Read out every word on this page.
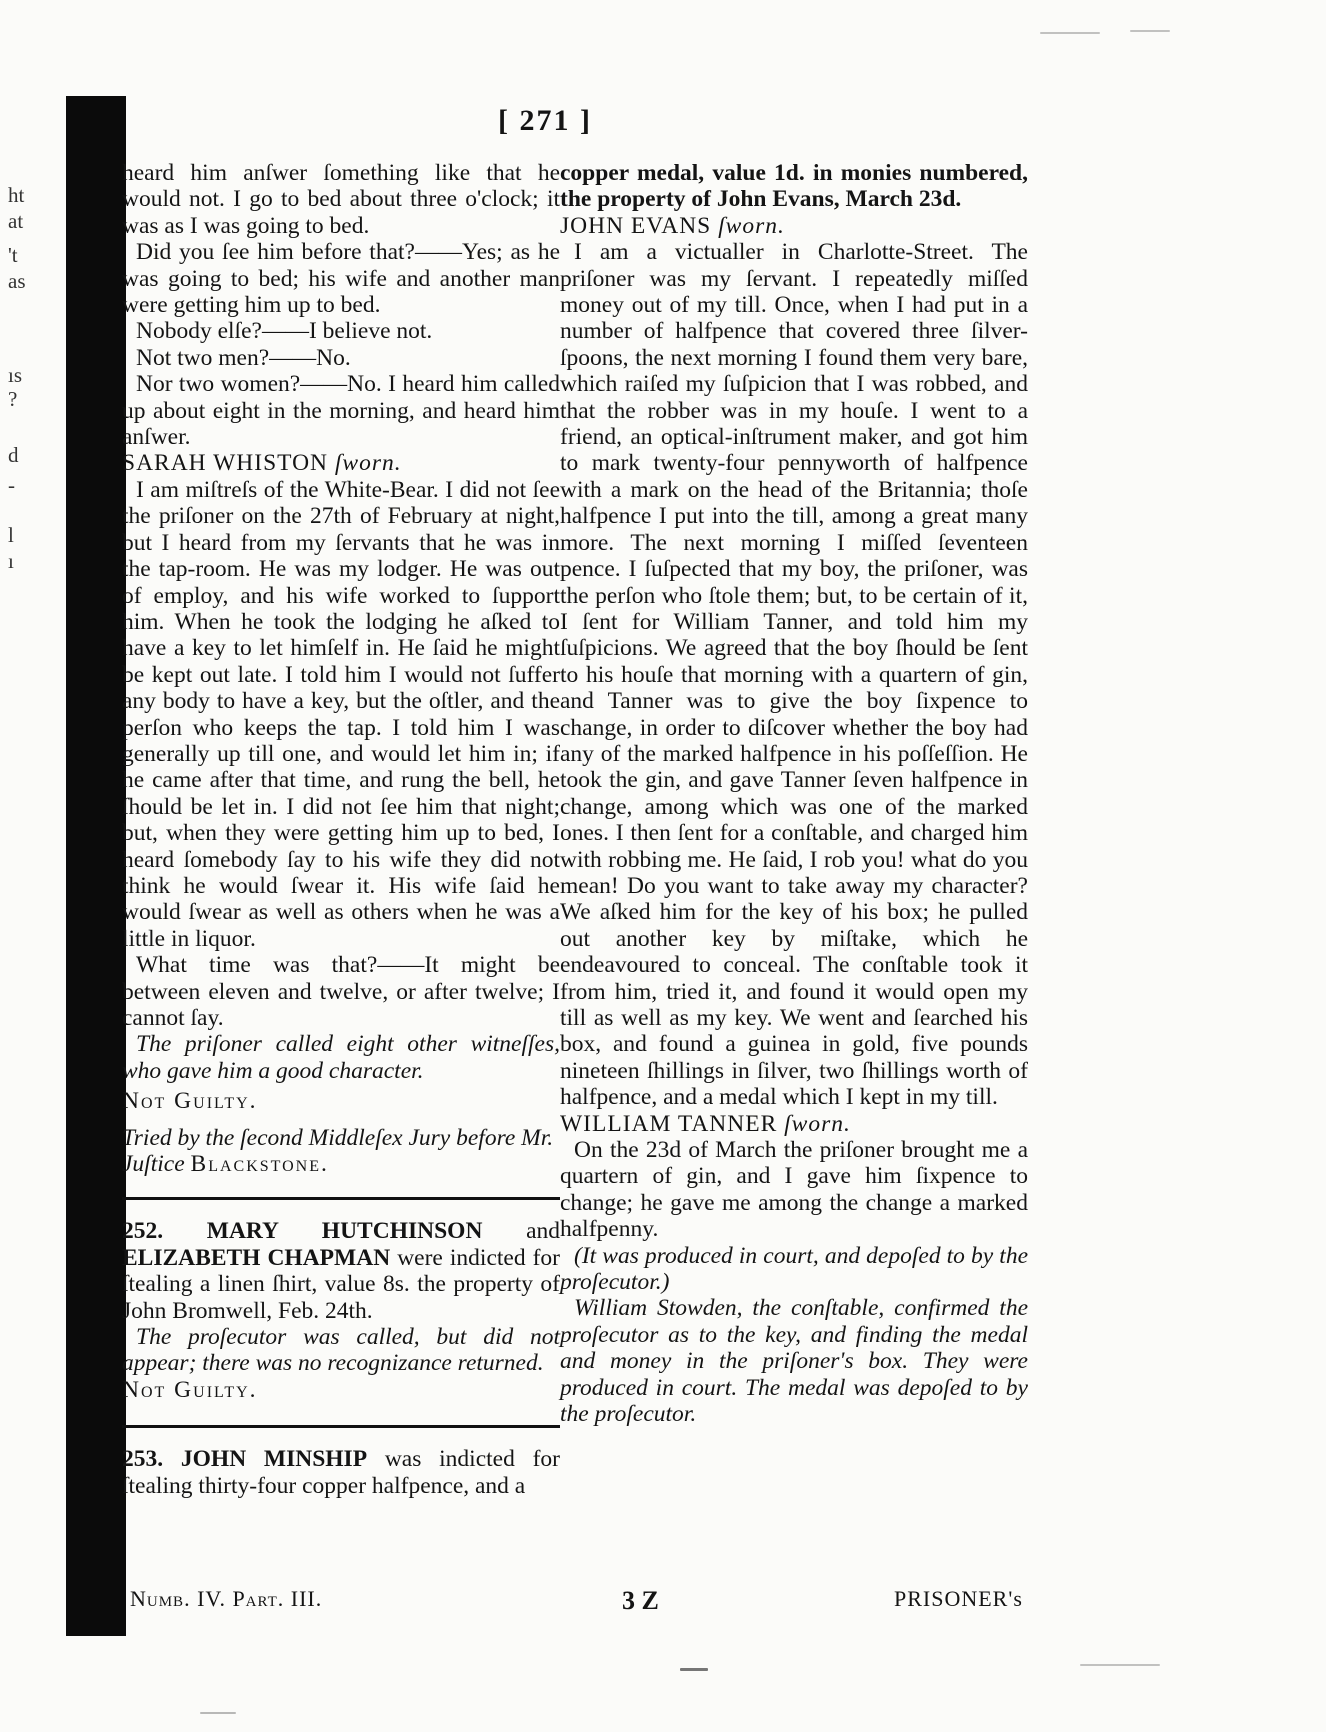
ht
at
't
as
ıs
?
d
-
l
ı
[ 271 ]

heard him anſwer ſomething like that he would not. I go to bed about three o'clock; it was as I was going to bed.

Did you ſee him before that?——Yes; as he was going to bed; his wife and another man were getting him up to bed.

Nobody elſe?——I believe not.

Not two men?——No.

Nor two women?——No. I heard him called up about eight in the morning, and heard him anſwer.

SARAH WHISTON ſworn.

I am miſtreſs of the White-Bear. I did not ſee the priſoner on the 27th of February at night, but I heard from my ſervants that he was in the tap-room. He was my lodger. He was out of employ, and his wife worked to ſupport him. When he took the lodging he aſked to have a key to let himſelf in. He ſaid he might be kept out late. I told him I would not ſuffer any body to have a key, but the oſtler, and the perſon who keeps the tap. I told him I was generally up till one, and would let him in; if he came after that time, and rung the bell, he ſhould be let in. I did not ſee him that night; but, when they were getting him up to bed, I heard ſomebody ſay to his wife they did not think he would ſwear it. His wife ſaid he would ſwear as well as others when he was a little in liquor.

What time was that?——It might be between eleven and twelve, or after twelve; I cannot ſay.

The priſoner called eight other witneſſes, who gave him a good character.

Not Guilty.

Tried by the ſecond Middleſex Jury before Mr.

Juſtice Blackstone.

252. MARY HUTCHINSON and ELIZABETH CHAPMAN were indicted for ſtealing a linen ſhirt, value 8s. the property of John Bromwell, Feb. 24th.

The proſecutor was called, but did not appear; there was no recognizance returned.

Not Guilty.

253. JOHN MINSHIP was indicted for ſtealing thirty-four copper halfpence, and a

copper medal, value 1d. in monies numbered, the property of John Evans, March 23d.

JOHN EVANS ſworn.

I am a victualler in Charlotte-Street. The priſoner was my ſervant. I repeatedly miſſed money out of my till. Once, when I had put in a number of halfpence that covered three ſilver-ſpoons, the next morning I found them very bare, which raiſed my ſuſpicion that I was robbed, and that the robber was in my houſe. I went to a friend, an optical-inſtrument maker, and got him to mark twenty-four pennyworth of halfpence with a mark on the head of the Britannia; thoſe halfpence I put into the till, among a great many more. The next morning I miſſed ſeventeen pence. I ſuſpected that my boy, the priſoner, was the perſon who ſtole them; but, to be certain of it, I ſent for William Tanner, and told him my ſuſpicions. We agreed that the boy ſhould be ſent to his houſe that morning with a quartern of gin, and Tanner was to give the boy ſixpence to change, in order to diſcover whether the boy had any of the marked halfpence in his poſſeſſion. He took the gin, and gave Tanner ſeven halfpence in change, among which was one of the marked ones. I then ſent for a conſtable, and charged him with robbing me. He ſaid, I rob you! what do you mean! Do you want to take away my character? We aſked him for the key of his box; he pulled out another key by miſtake, which he endeavoured to conceal. The conſtable took it from him, tried it, and found it would open my till as well as my key. We went and ſearched his box, and found a guinea in gold, five pounds nineteen ſhillings in ſilver, two ſhillings worth of halfpence, and a medal which I kept in my till.

WILLIAM TANNER ſworn.

On the 23d of March the priſoner brought me a quartern of gin, and I gave him ſixpence to change; he gave me among the change a marked halfpenny.

(It was produced in court, and depoſed to by the proſecutor.)

William Stowden, the conſtable, confirmed the proſecutor as to the key, and finding the medal and money in the priſoner's box. They were produced in court. The medal was depoſed to by the proſecutor.

Numb. IV. Part. III.	3 Z	PRISONER's
